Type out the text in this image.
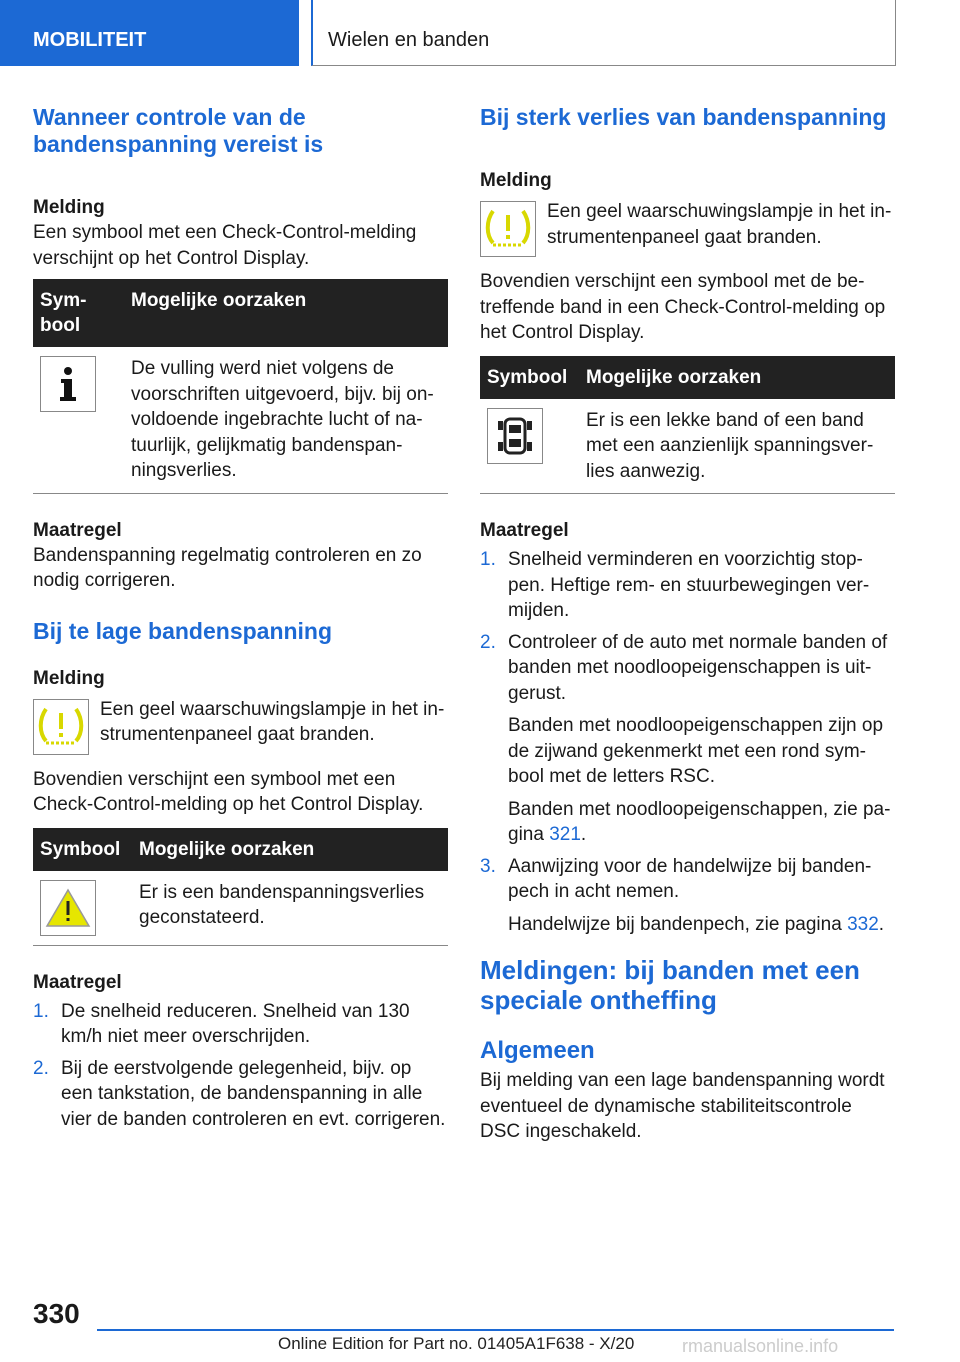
MOBILITEIT	Wielen en banden
Wanneer controle van de bandenspanning vereist is
Melding

Een symbool met een Check-Control-melding verschijnt op het Control Display.

Sym-bool
Mogelijke oorzaken
De vulling werd niet volgens de voorschriften uitgevoerd, bijv. bij on-voldoende ingebrachte lucht of na-tuurlijk, gelijkmatig bandenspan-ningsverlies.
Maatregel

Bandenspanning regelmatig controleren en zo nodig corrigeren.

Bij te lage bandenspanning
Melding

Een geel waarschuwingslampje in het in-strumentenpaneel gaat branden.

Bovendien verschijnt een symbool met een Check-Control-melding op het Control Display.

Symbool Mogelijke oorzaken
Er is een bandenspanningsverlies geconstateerd.
Maatregel
1. De snelheid reduceren. Snelheid van 130 km/h niet meer overschrijden.
2. Bij de eerstvolgende gelegenheid, bijv. op een tankstation, de bandenspanning in alle vier de banden controleren en evt. corrigeren.
Bij sterk verlies van bandenspanning
Melding

Een geel waarschuwingslampje in het in-strumentenpaneel gaat branden.

Bovendien verschijnt een symbool met de be-treffende band in een Check-Control-melding op het Control Display.

Symbool Mogelijke oorzaken
Er is een lekke band of een band met een aanzienlijk spanningsver-lies aanwezig.
Maatregel
1. Snelheid verminderen en voorzichtig stop-pen. Heftige rem- en stuurbewegingen ver-mijden.
2. Controleer of de auto met normale banden of banden met noodloopeigenschappen is uit-gerust.

Banden met noodloopeigenschappen zijn op de zijwand gekenmerkt met een rond sym-bool met de letters RSC.

Banden met noodloopeigenschappen, zie pa-gina 321.

3. Aanwijzing voor de handelwijze bij banden-pech in acht nemen.

Handelwijze bij bandenpech, zie pagina 332.

Meldingen: bij banden met een speciale ontheffing
Algemeen

Bij melding van een lage bandenspanning wordt eventueel de dynamische stabiliteitscontrole DSC ingeschakeld.

330
Online Edition for Part no. 01405A1F638 - X/20	rmanualsonline.info
